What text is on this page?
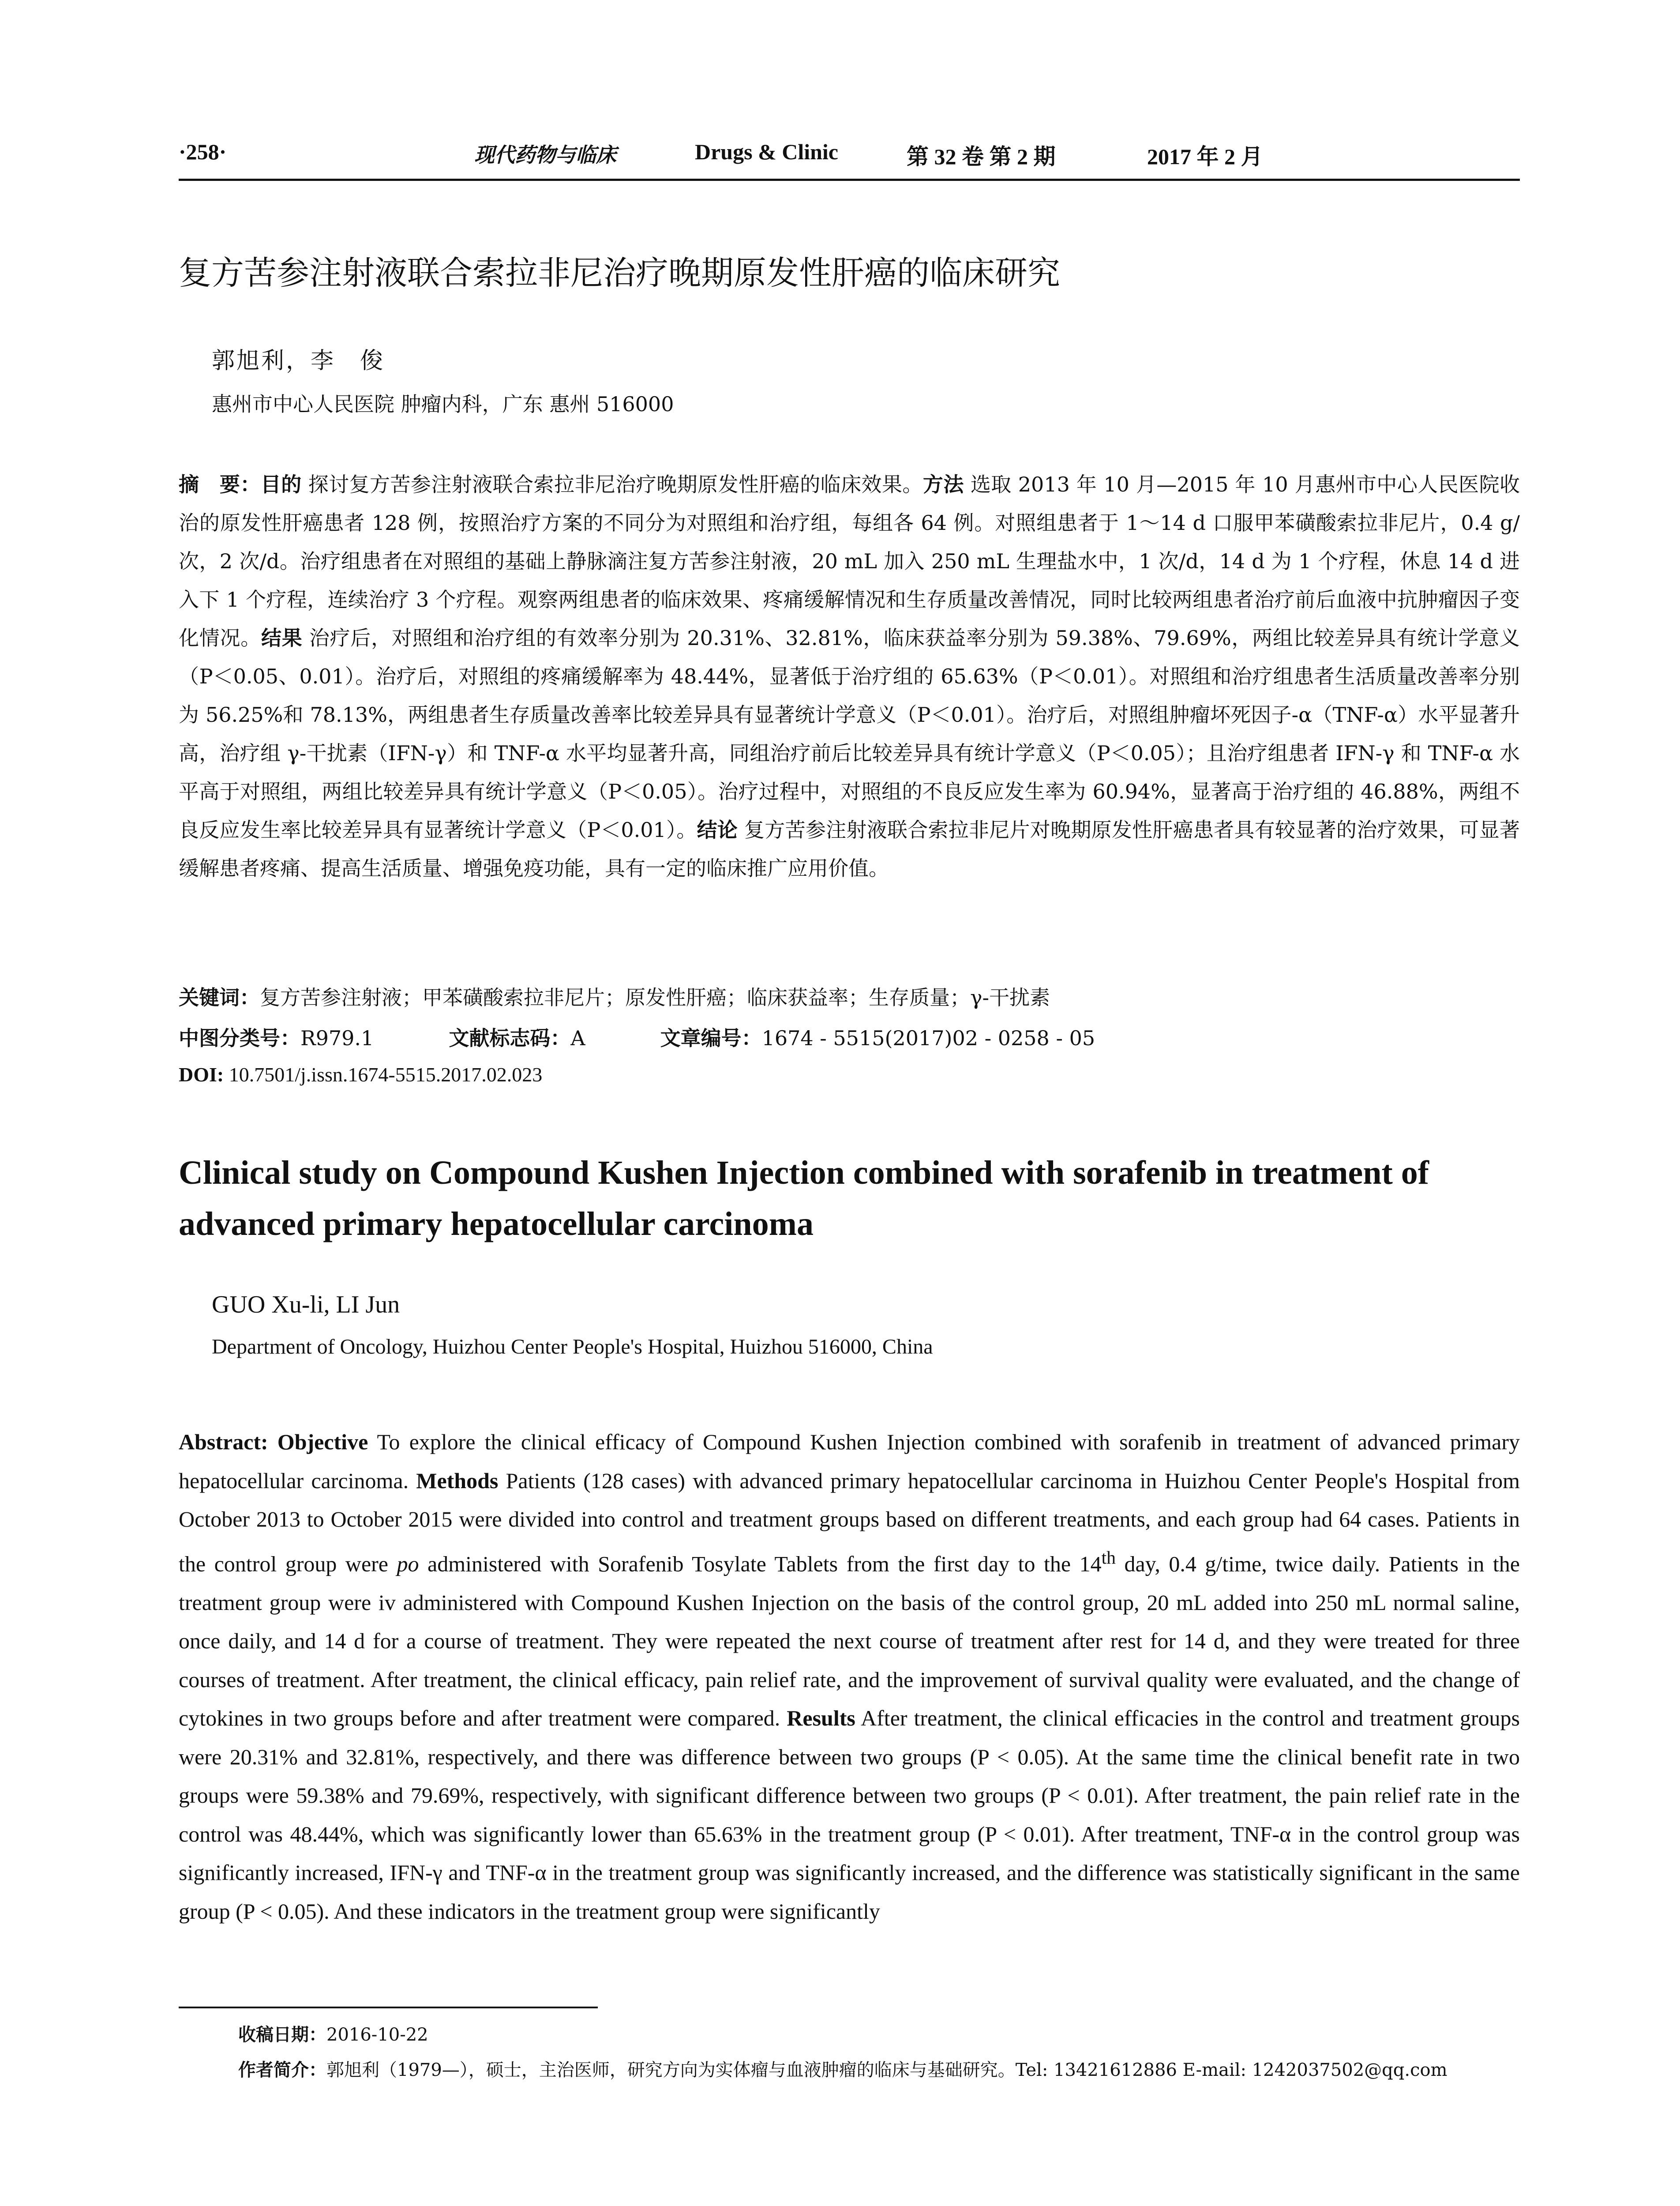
·258·	现代药物与临床	Drugs & Clinic	第 32 卷 第 2 期	2017 年 2 月
复方苦参注射液联合索拉非尼治疗晚期原发性肝癌的临床研究
郭旭利，李　俊
惠州市中心人民医院 肿瘤内科，广东 惠州 516000
摘　要：目的 探讨复方苦参注射液联合索拉非尼治疗晚期原发性肝癌的临床效果。方法 选取 2013 年 10 月—2015 年 10 月惠州市中心人民医院收治的原发性肝癌患者 128 例，按照治疗方案的不同分为对照组和治疗组，每组各 64 例。对照组患者于 1～14 d 口服甲苯磺酸索拉非尼片，0.4 g/次，2 次/d。治疗组患者在对照组的基础上静脉滴注复方苦参注射液，20 mL 加入 250 mL 生理盐水中，1 次/d，14 d 为 1 个疗程，休息 14 d 进入下 1 个疗程，连续治疗 3 个疗程。观察两组患者的临床效果、疼痛缓解情况和生存质量改善情况，同时比较两组患者治疗前后血液中抗肿瘤因子变化情况。结果 治疗后，对照组和治疗组的有效率分别为 20.31%、32.81%，临床获益率分别为 59.38%、79.69%，两组比较差异具有统计学意义（P＜0.05、0.01）。治疗后，对照组的疼痛缓解率为 48.44%，显著低于治疗组的 65.63%（P＜0.01）。对照组和治疗组患者生活质量改善率分别为 56.25%和 78.13%，两组患者生存质量改善率比较差异具有显著统计学意义（P＜0.01）。治疗后，对照组肿瘤坏死因子-α（TNF-α）水平显著升高，治疗组 γ-干扰素（IFN-γ）和 TNF-α 水平均显著升高，同组治疗前后比较差异具有统计学意义（P＜0.05）；且治疗组患者 IFN-γ 和 TNF-α 水平高于对照组，两组比较差异具有统计学意义（P＜0.05）。治疗过程中，对照组的不良反应发生率为 60.94%，显著高于治疗组的 46.88%，两组不良反应发生率比较差异具有显著统计学意义（P＜0.01）。结论 复方苦参注射液联合索拉非尼片对晚期原发性肝癌患者具有较显著的治疗效果，可显著缓解患者疼痛、提高生活质量、增强免疫功能，具有一定的临床推广应用价值。
关键词：复方苦参注射液；甲苯磺酸索拉非尼片；原发性肝癌；临床获益率；生存质量；γ-干扰素
中图分类号：R979.1	文献标志码：A	文章编号：1674 - 5515(2017)02 - 0258 - 05
DOI: 10.7501/j.issn.1674-5515.2017.02.023
Clinical study on Compound Kushen Injection combined with sorafenib in treatment of advanced primary hepatocellular carcinoma
GUO Xu-li, LI Jun
Department of Oncology, Huizhou Center People's Hospital, Huizhou 516000, China
Abstract: Objective To explore the clinical efficacy of Compound Kushen Injection combined with sorafenib in treatment of advanced primary hepatocellular carcinoma. Methods Patients (128 cases) with advanced primary hepatocellular carcinoma in Huizhou Center People's Hospital from October 2013 to October 2015 were divided into control and treatment groups based on different treatments, and each group had 64 cases. Patients in the control group were po administered with Sorafenib Tosylate Tablets from the first day to the 14th day, 0.4 g/time, twice daily. Patients in the treatment group were iv administered with Compound Kushen Injection on the basis of the control group, 20 mL added into 250 mL normal saline, once daily, and 14 d for a course of treatment. They were repeated the next course of treatment after rest for 14 d, and they were treated for three courses of treatment. After treatment, the clinical efficacy, pain relief rate, and the improvement of survival quality were evaluated, and the change of cytokines in two groups before and after treatment were compared. Results After treatment, the clinical efficacies in the control and treatment groups were 20.31% and 32.81%, respectively, and there was difference between two groups (P < 0.05). At the same time the clinical benefit rate in two groups were 59.38% and 79.69%, respectively, with significant difference between two groups (P < 0.01). After treatment, the pain relief rate in the control was 48.44%, which was significantly lower than 65.63% in the treatment group (P < 0.01). After treatment, TNF-α in the control group was significantly increased, IFN-γ and TNF-α in the treatment group was significantly increased, and the difference was statistically significant in the same group (P < 0.05). And these indicators in the treatment group were significantly
收稿日期：2016-10-22
作者简介：郭旭利（1979—），硕士，主治医师，研究方向为实体瘤与血液肿瘤的临床与基础研究。Tel: 13421612886 E-mail: 1242037502@qq.com
